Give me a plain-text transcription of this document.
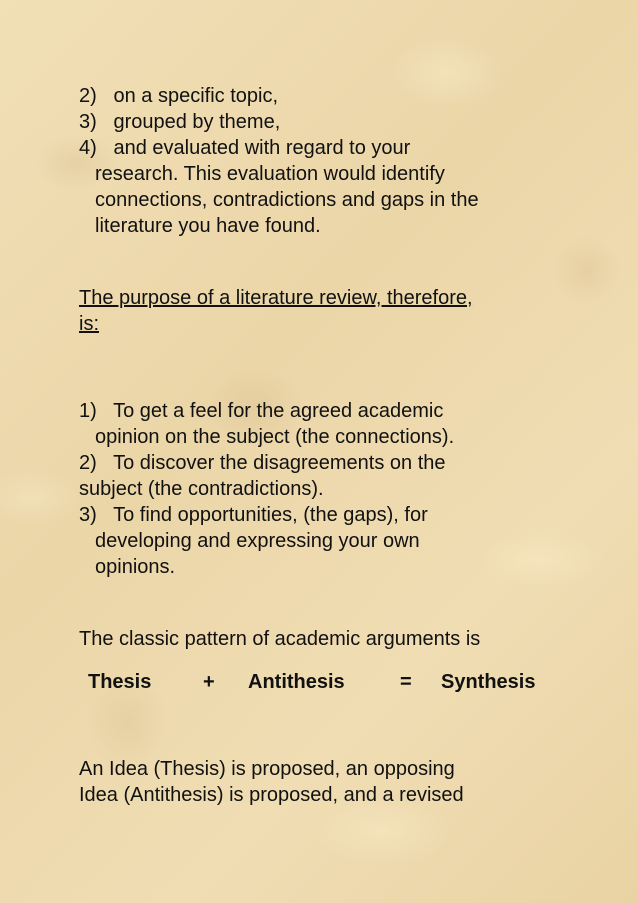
2) on a specific topic,
3) grouped by theme,
4) and evaluated with regard to your
research. This evaluation would identify
connections, contradictions and gaps in the
literature you have found.
The purpose of a literature review, therefore,
is:
1) To get a feel for the agreed academic
opinion on the subject (the connections).
2) To discover the disagreements on the
subject (the contradictions).
3) To find opportunities, (the gaps), for
developing and expressing your own
opinions.
The classic pattern of academic arguments is
Thesis	+ Antithesis	= Synthesis
An Idea (Thesis) is proposed, an opposing
Idea (Antithesis) is proposed, and a revised
